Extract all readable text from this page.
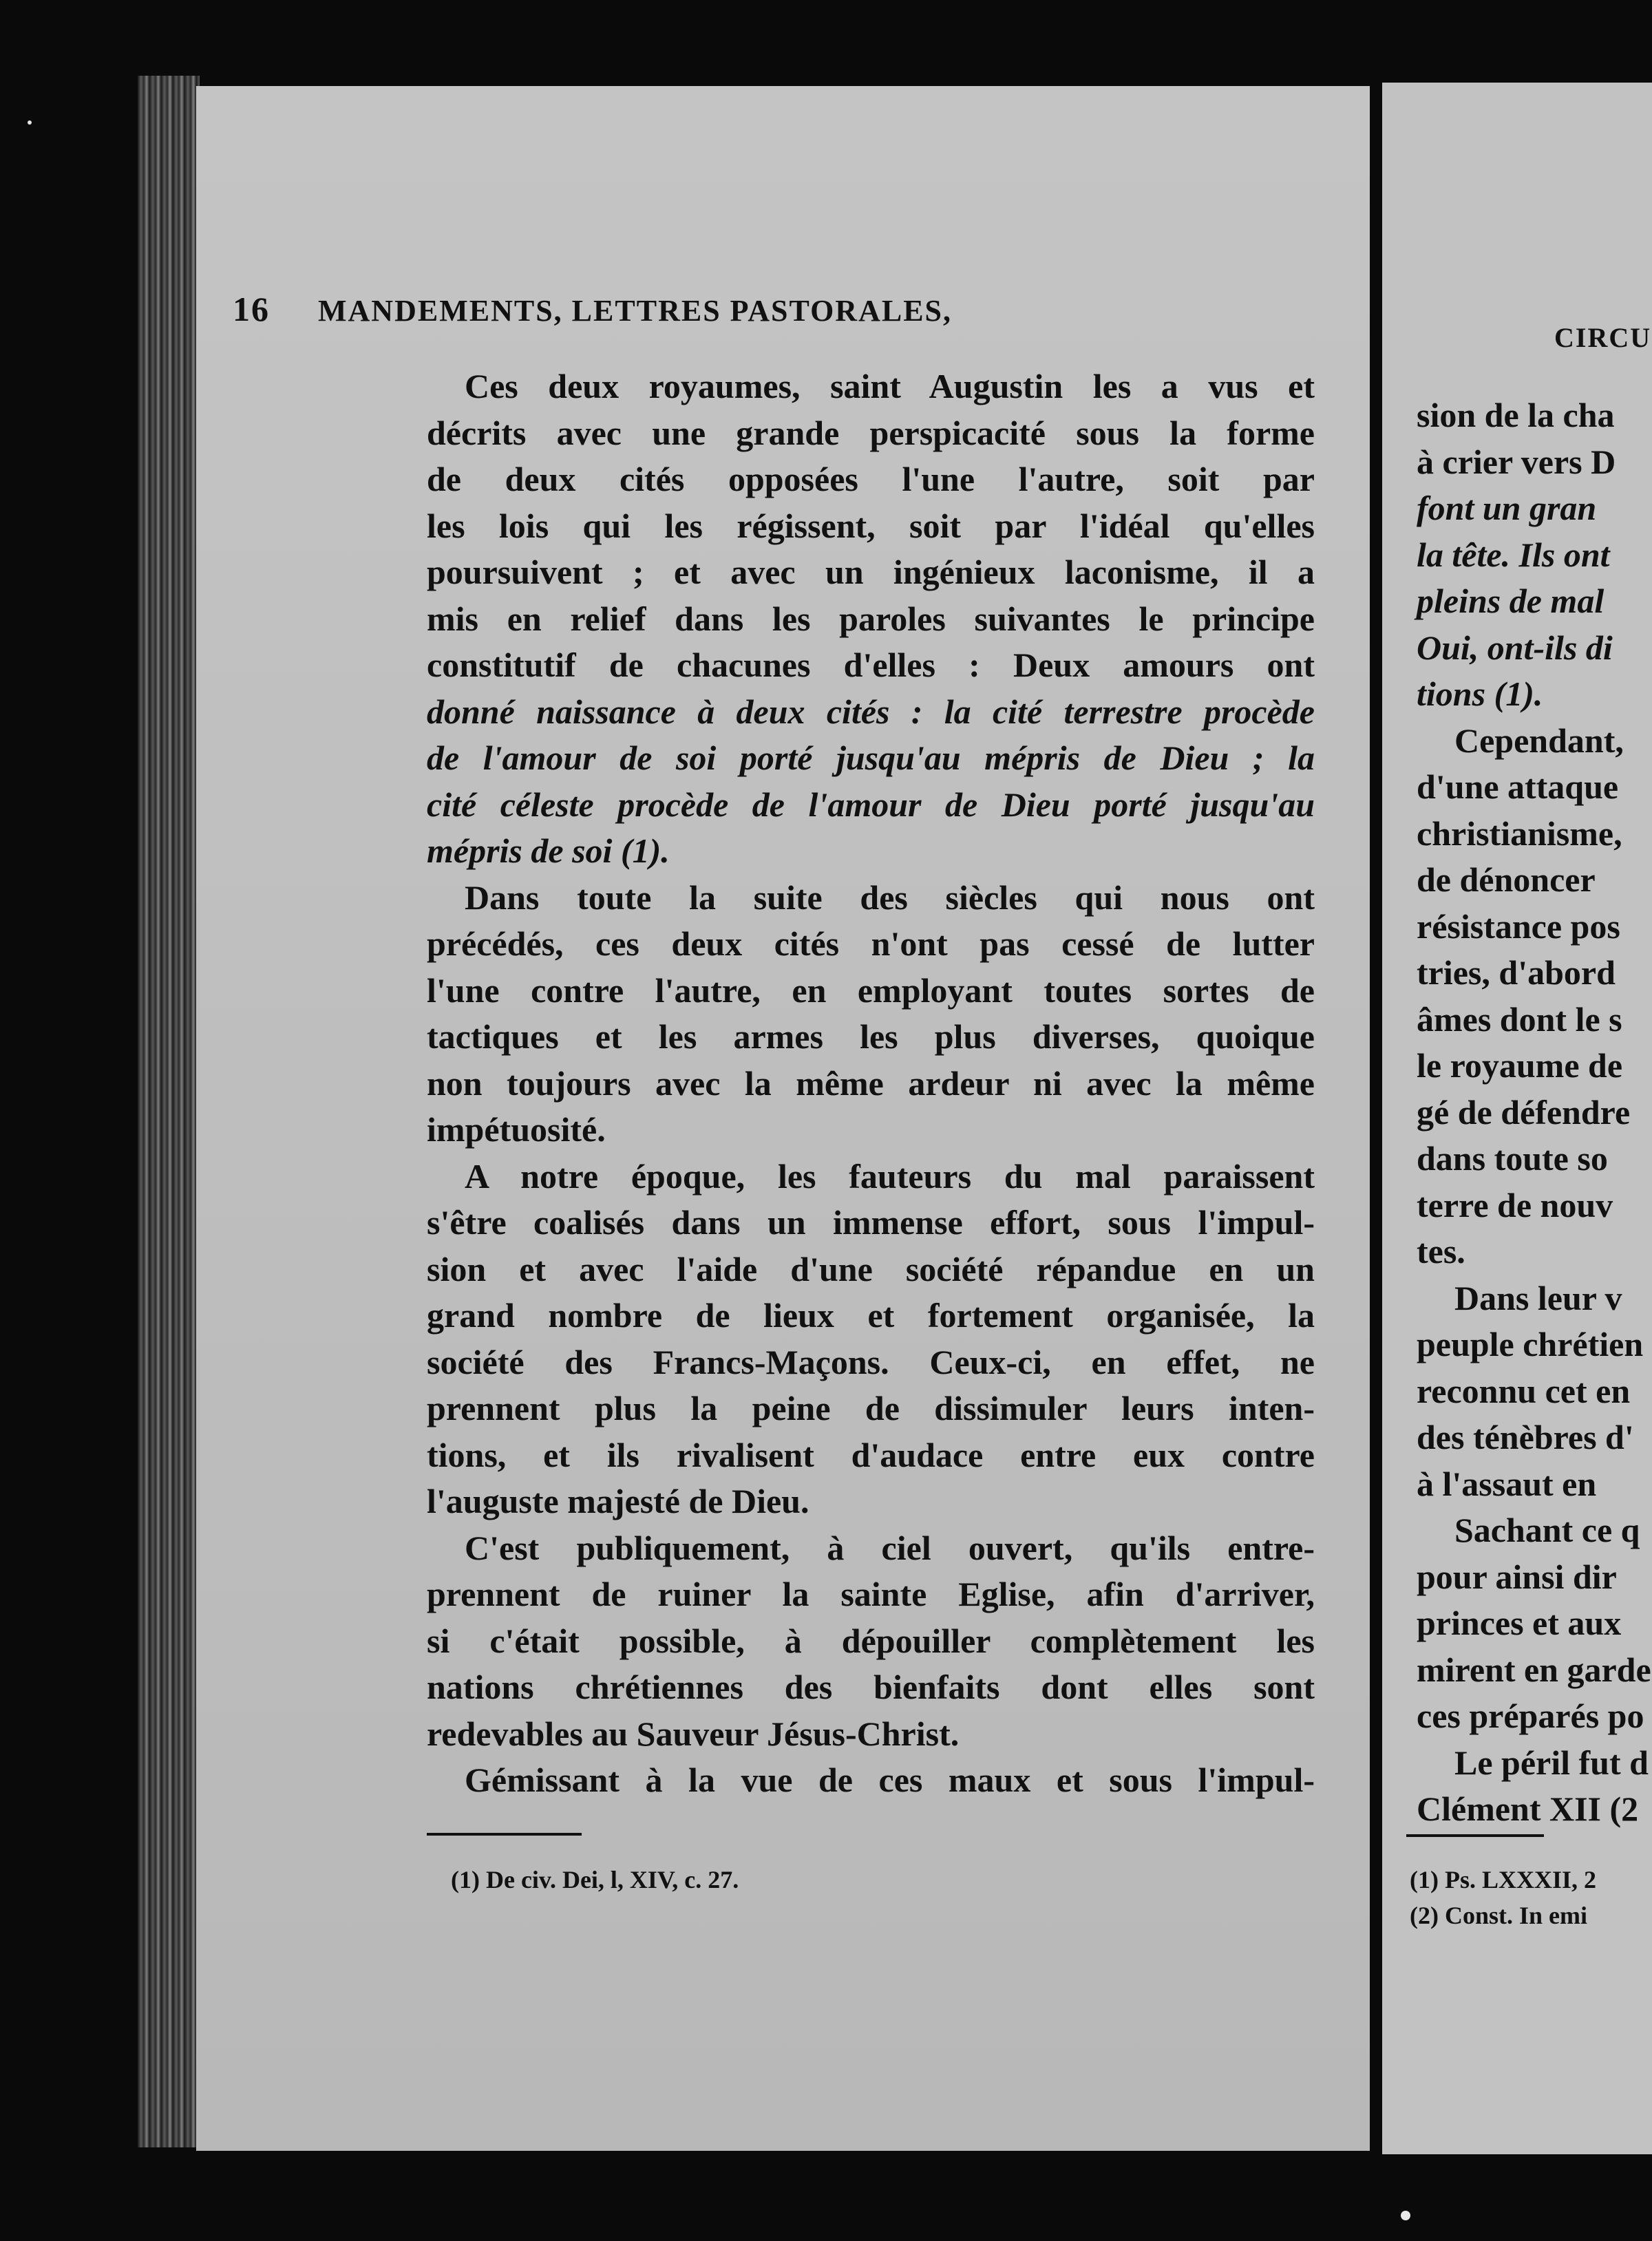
16 MANDEMENTS, LETTRES PASTORALES,
Ces deux royaumes, saint Augustin les a vus et
décrits avec une grande perspicacité sous la forme
de deux cités opposées l'une l'autre, soit par
les lois qui les régissent, soit par l'idéal qu'elles
poursuivent ; et avec un ingénieux laconisme, il a
mis en relief dans les paroles suivantes le principe
constitutif de chacunes d'elles : Deux amours ont
donné naissance à deux cités : la cité terrestre procède
de l'amour de soi porté jusqu'au mépris de Dieu ; la
cité céleste procède de l'amour de Dieu porté jusqu'au
mépris de soi (1).
Dans toute la suite des siècles qui nous ont
précédés, ces deux cités n'ont pas cessé de lutter
l'une contre l'autre, en employant toutes sortes de
tactiques et les armes les plus diverses, quoique
non toujours avec la même ardeur ni avec la même
impétuosité.
A notre époque, les fauteurs du mal paraissent
s'être coalisés dans un immense effort, sous l'impul-
sion et avec l'aide d'une société répandue en un
grand nombre de lieux et fortement organisée, la
société des Francs-Maçons. Ceux-ci, en effet, ne
prennent plus la peine de dissimuler leurs inten-
tions, et ils rivalisent d'audace entre eux contre
l'auguste majesté de Dieu.
C'est publiquement, à ciel ouvert, qu'ils entre-
prennent de ruiner la sainte Eglise, afin d'arriver,
si c'était possible, à dépouiller complètement les
nations chrétiennes des bienfaits dont elles sont
redevables au Sauveur Jésus-Christ.
Gémissant à la vue de ces maux et sous l'impul-
(1) De civ. Dei, l, XIV, c. 27.
CIRCU
sion de la cha
à crier vers D
font un gran
la tête. Ils ont
pleins de mal
Oui, ont-ils di
tions (1).
Cependant,
d'une attaque
christianisme,
de dénoncer
résistance pos
tries, d'abord
âmes dont le s
le royaume de
gé de défendre
dans toute so
terre de nouv
tes.
Dans leur v
peuple chrétien
reconnu cet en
des ténèbres d'
à l'assaut en
Sachant ce q
pour ainsi dir
princes et aux
mirent en garde
ces préparés po
Le péril fut d
Clément XII (2
(1) Ps. LXXXII, 2
(2) Const. In emi
